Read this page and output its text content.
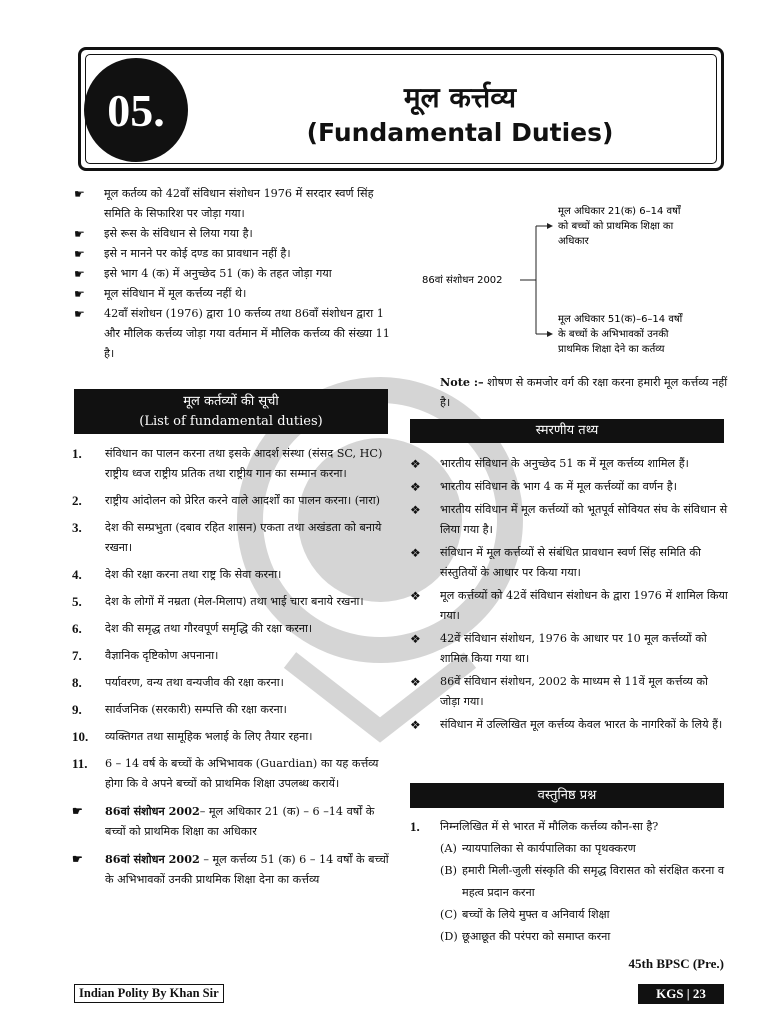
05.	मूल कर्त्तव्य
(Fundamental Duties)
☛	मूल कर्तव्य को 42वाँ संविधान संशोधन 1976 में सरदार स्वर्ण सिंह समिति के सिफारिश पर जोड़ा गया।
☛	इसे रूस के संविधान से लिया गया है।
☛	इसे न मानने पर कोई दण्ड का प्रावधान नहीं है।
☛	इसे भाग 4 (क) में अनुच्छेद 51 (क) के तहत जोड़ा गया
☛	मूल संविधान में मूल कर्त्तव्य नहीं थे।
☛	42वाँ संशोधन (1976) द्वारा 10 कर्त्तव्य तथा 86वाँ संशोधन द्वारा 1 और मौलिक कर्त्तव्य जोड़ा गया वर्तमान में मौलिक कर्त्तव्य की संख्या 11 है।
मूल कर्तव्यों की सूची
(List of fundamental duties)
1.	संविधान का पालन करना तथा इसके आदर्श संस्था (संसद SC, HC) राष्ट्रीय ध्वज राष्ट्रीय प्रतिक तथा राष्ट्रीय गान का सम्मान करना।
2.	राष्ट्रीय आंदोलन को प्रेरित करने वाले आदर्शों का पालन करना। (नारा)
3.	देश की सम्प्रभुता (दबाव रहित शासन) एकता तथा अखंडता को बनाये रखना।
4.	देश की रक्षा करना तथा राष्ट्र कि सेवा करना।
5.	देश के लोगों में नम्रता (मेल-मिलाप) तथा भाई चारा बनाये रखना।
6.	देश की समृद्ध तथा गौरवपूर्ण समृद्धि की रक्षा करना।
7.	वैज्ञानिक दृष्टिकोण अपनाना।
8.	पर्यावरण, वन्य तथा वन्यजीव की रक्षा करना।
9.	सार्वजनिक (सरकारी) सम्पत्ति की रक्षा करना।
10.	व्यक्तिगत तथा सामूहिक भलाई के लिए तैयार रहना।
11.	6 – 14 वर्ष के बच्चों के अभिभावक (Guardian) का यह कर्त्तव्य होगा कि वे अपने बच्चों को प्राथमिक शिक्षा उपलब्ध करायें।
☛	86वां संशोधन 2002– मूल अधिकार 21 (क) – 6 –14 वर्षों के बच्चों को प्राथमिक शिक्षा का अधिकार
☛	86वां संशोधन 2002 – मूल कर्त्तव्य 51 (क) 6 – 14 वर्षों के बच्चों के अभिभावकों उनकी प्राथमिक शिक्षा देना का कर्त्तव्य
86वां संशोधन 2002
मूल अधिकार 21(क) 6–14 वर्षों
को बच्चों को प्राथमिक शिक्षा का
अधिकार
मूल अधिकार 51(क)–6–14 वर्षों
के बच्चों के अभिभावकों उनकी
प्राथमिक शिक्षा देने का कर्तव्य
Note :– शोषण से कमजोर वर्ग की रक्षा करना हमारी मूल कर्त्तव्य नहीं है।
स्मरणीय तथ्य
❖	भारतीय संविधान के अनुच्छेद 51 क में मूल कर्त्तव्य शामिल हैं।
❖	भारतीय संविधान के भाग 4 क में मूल कर्त्तव्यों का वर्णन है।
❖	भारतीय संविधान में मूल कर्त्तव्यों को भूतपूर्व सोवियत संघ के संविधान से लिया गया है।
❖	संविधान में मूल कर्त्तव्यों से संबंधित प्रावधान स्वर्ण सिंह समिति की संस्तुतियों के आधार पर किया गया।
❖	मूल कर्त्तव्यों को 42वें संविधान संशोधन के द्वारा 1976 में शामिल किया गया।
❖	42वें संविधान संशोधन, 1976 के आधार पर 10 मूल कर्त्तव्यों को शामिल किया गया था।
❖	86वें संविधान संशोधन, 2002 के माध्यम से 11वें मूल कर्त्तव्य को जोड़ा गया।
❖	संविधान में उल्लिखित मूल कर्त्तव्य केवल भारत के नागरिकों के लिये हैं।
वस्तुनिष्ठ प्रश्न
1.	निम्नलिखित में से भारत में मौलिक कर्त्तव्य कौन-सा है?
(A) न्यायपालिका से कार्यपालिका का पृथक्करण
(B) हमारी मिली-जुली संस्कृति की समृद्ध विरासत को संरक्षित करना व महत्व प्रदान करना
(C) बच्चों के लिये मुफ्त व अनिवार्य शिक्षा
(D) छूआछूत की परंपरा को समाप्त करना
45th BPSC (Pre.)
Indian Polity By Khan Sir	KGS | 23
